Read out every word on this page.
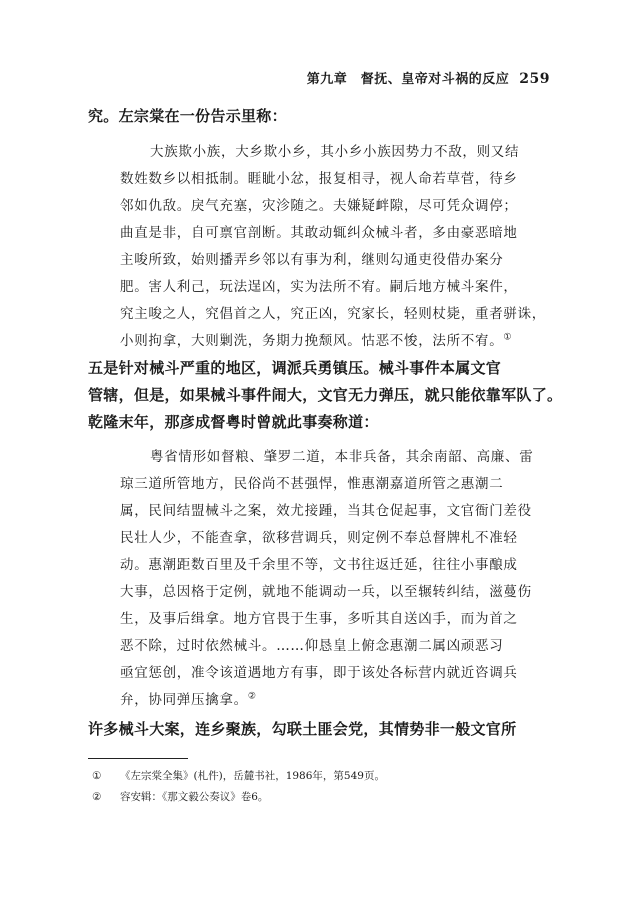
第九章　督抚、皇帝对斗祸的反应 259
究。左宗棠在一份告示里称：
大族欺小族，大乡欺小乡，其小乡小族因势力不敌，则又结
数姓数乡以相抵制。睚眦小忿，报复相寻，视人命若草菅，待乡
邻如仇敌。戾气充塞，灾沴随之。夫嫌疑衅隙，尽可凭众调停；
曲直是非，自可禀官剖断。其敢动辄纠众械斗者，多由豪恶暗地
主唆所致，始则播弄乡邻以有事为利，继则勾通吏役借办案分
肥。害人利己，玩法逞凶，实为法所不宥。嗣后地方械斗案件，
究主唆之人，究倡首之人，究正凶，究家长，轻则杖毙，重者骈诛，
小则拘拿，大则剿洗，务期力挽颓风。怙恶不悛，法所不宥。①
五是针对械斗严重的地区，调派兵勇镇压。械斗事件本属文官
管辖，但是，如果械斗事件闹大，文官无力弹压，就只能依靠军队了。
乾隆末年，那彦成督粤时曾就此事奏称道：
粤省情形如督粮、肇罗二道，本非兵备，其余南韶、高廉、雷
琼三道所管地方，民俗尚不甚强悍，惟惠潮嘉道所管之惠潮二
属，民间结盟械斗之案，效尤接踵，当其仓促起事，文官衙门差役
民壮人少，不能查拿，欲移营调兵，则定例不奉总督牌札不准轻
动。惠潮距数百里及千余里不等，文书往返迁延，往往小事酿成
大事，总因格于定例，就地不能调动一兵，以至辗转纠结，滋蔓伤
生，及事后缉拿。地方官畏于生事，多听其自送凶手，而为首之
恶不除，过时依然械斗。……仰恳皇上俯念惠潮二属凶顽恶习
亟宜惩创，准令该道遇地方有事，即于该处各标营内就近咨调兵
弁，协同弹压擒拿。②
许多械斗大案，连乡聚族，勾联土匪会党，其情势非一般文官所
① 《左宗棠全集》(札件)，岳麓书社，1986年，第549页。
② 容安辑：《那文毅公奏议》卷6。
